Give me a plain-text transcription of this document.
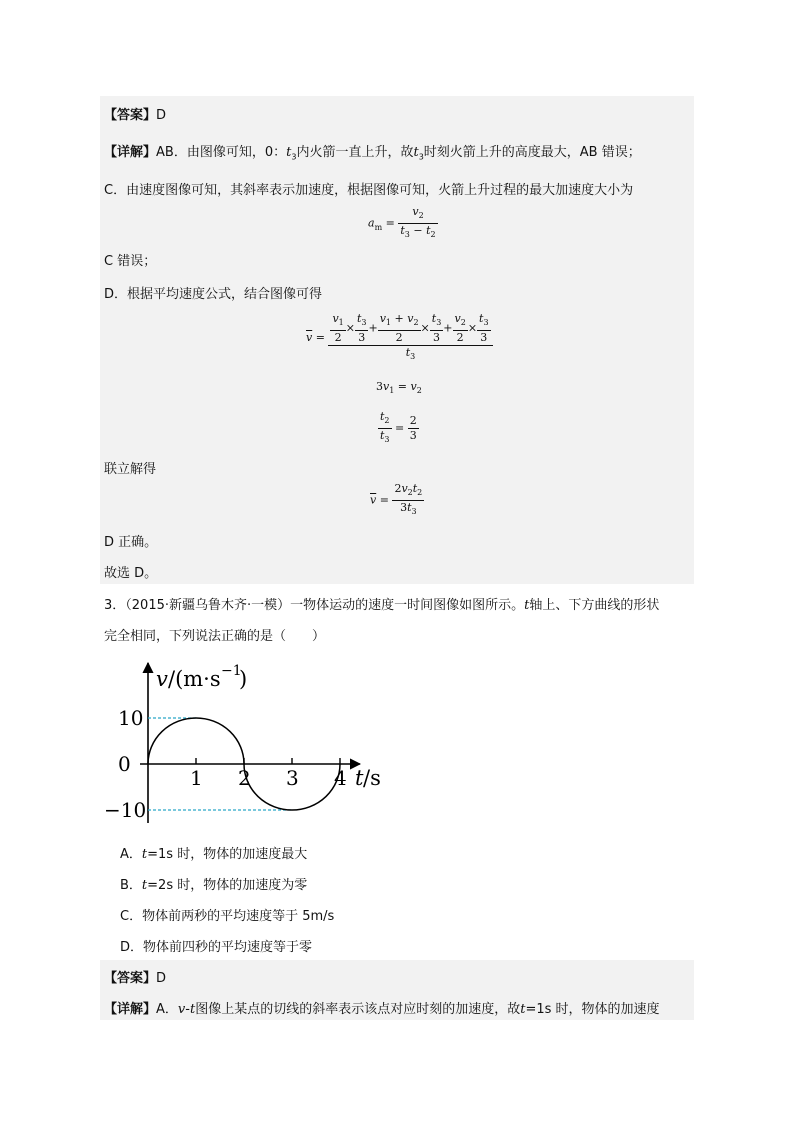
【答案】D
【详解】AB．由图像可知，0：$t_3$内火箭一直上升，故$t_3$时刻火箭上升的高度最大，AB 错误；
C．由速度图像可知，其斜率表示加速度，根据图像可知，火箭上升过程的最大加速度大小为
$a_m = \frac{v_2}{t_3 - t_2}$
C 错误；
D．根据平均速度公式，结合图像可得
$\overline{v} = \frac{\frac{v_1}{2} \times \frac{t_3}{3} + \frac{v_1 + v_2}{2} \times \frac{t_3}{3} + \frac{v_2}{2} \times \frac{t_3}{3}}{t_3}$
$3v_1 = v_2$
$\frac{t_2}{t_3} = \frac{2}{3}$
联立解得
$\overline{v} = \frac{2v_2t_2}{3t_3}$
D 正确。
故选 D。
3．（2015·新疆乌鲁木齐·一模）一物体运动的速度一时间图像如图所示。t轴上、下方曲线的形状
完全相同，下列说法正确的是（　　）
1 2 3 4
10
0
−10
v /(m·s −1
)
t /s
A．t=1s 时，物体的加速度最大
B．t=2s 时，物体的加速度为零
C．物体前两秒的平均速度等于 5m/s
D．物体前四秒的平均速度等于零
【答案】D
【详解】A．v-t图像上某点的切线的斜率表示该点对应时刻的加速度，故t=1s 时，物体的加速度
